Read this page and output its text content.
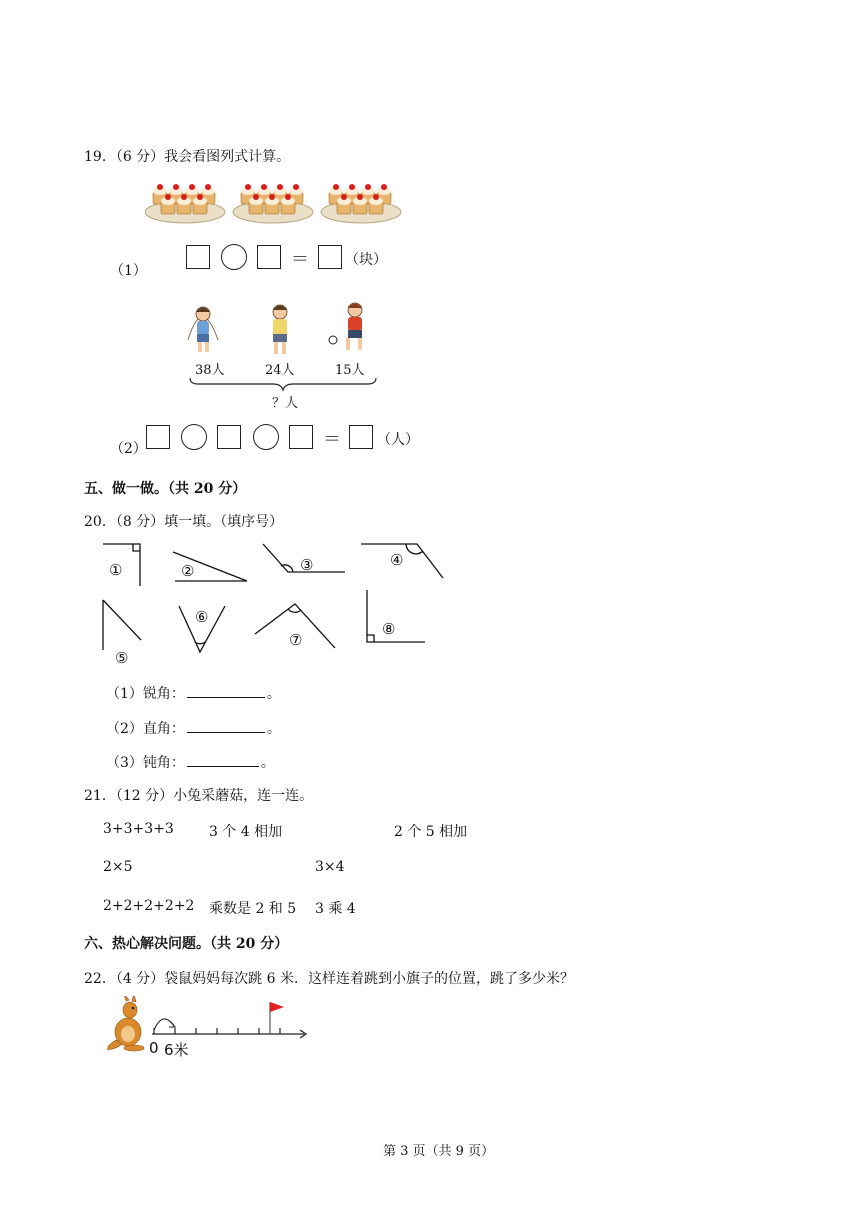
19．（6 分）我会看图列式计算。
（1）
＝	（块）
38人	24人	15人
？人
（2）	＝	（人）
五、做一做。（共 20 分）
20．（8 分）填一填。（填序号）
①	②	③	④
⑤
⑥
⑦
⑧
（1）锐角：	。
（2）直角：	。
（3）钝角：	。
21．（12 分）小兔采蘑菇，连一连。
3+3+3+3	3 个 4 相加	2 个 5 相加
2×5	3×4
2+2+2+2+2 乘数是 2 和 5 3 乘 4
六、热心解决问题。（共 20 分）
22．（4 分）袋鼠妈妈每次跳 6 米．这样连着跳到小旗子的位置，跳了多少米？
0 6米
第 3 页（共 9 页）
